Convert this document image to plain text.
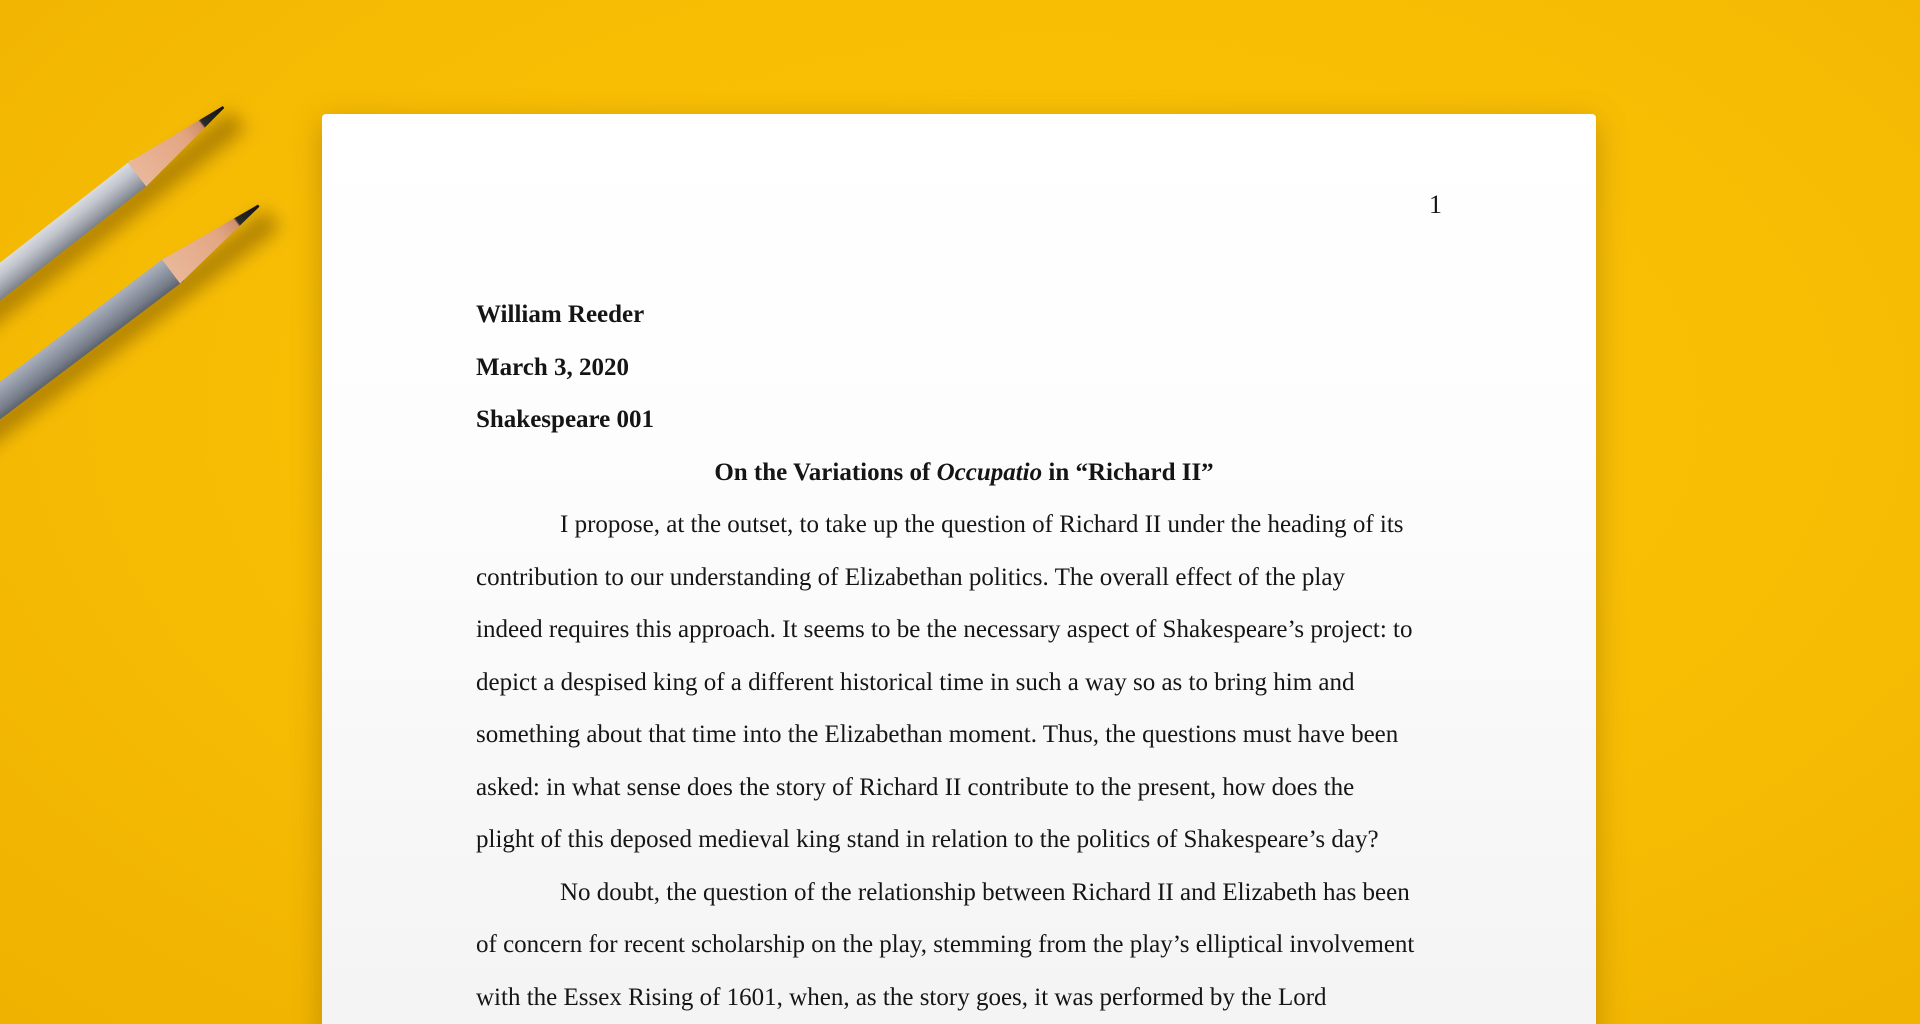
1

William Reeder

March 3, 2020

Shakespeare 001

On the Variations of Occupatio in “Richard II”

I propose, at the outset, to take up the question of Richard II under the heading of its
contribution to our understanding of Elizabethan politics. The overall effect of the play
indeed requires this approach. It seems to be the necessary aspect of Shakespeare’s project: to
depict a despised king of a different historical time in such a way so as to bring him and
something about that time into the Elizabethan moment. Thus, the questions must have been
asked: in what sense does the story of Richard II contribute to the present, how does the
plight of this deposed medieval king stand in relation to the politics of Shakespeare’s day?

No doubt, the question of the relationship between Richard II and Elizabeth has been
of concern for recent scholarship on the play, stemming from the play’s elliptical involvement
with the Essex Rising of 1601, when, as the story goes, it was performed by the Lord
